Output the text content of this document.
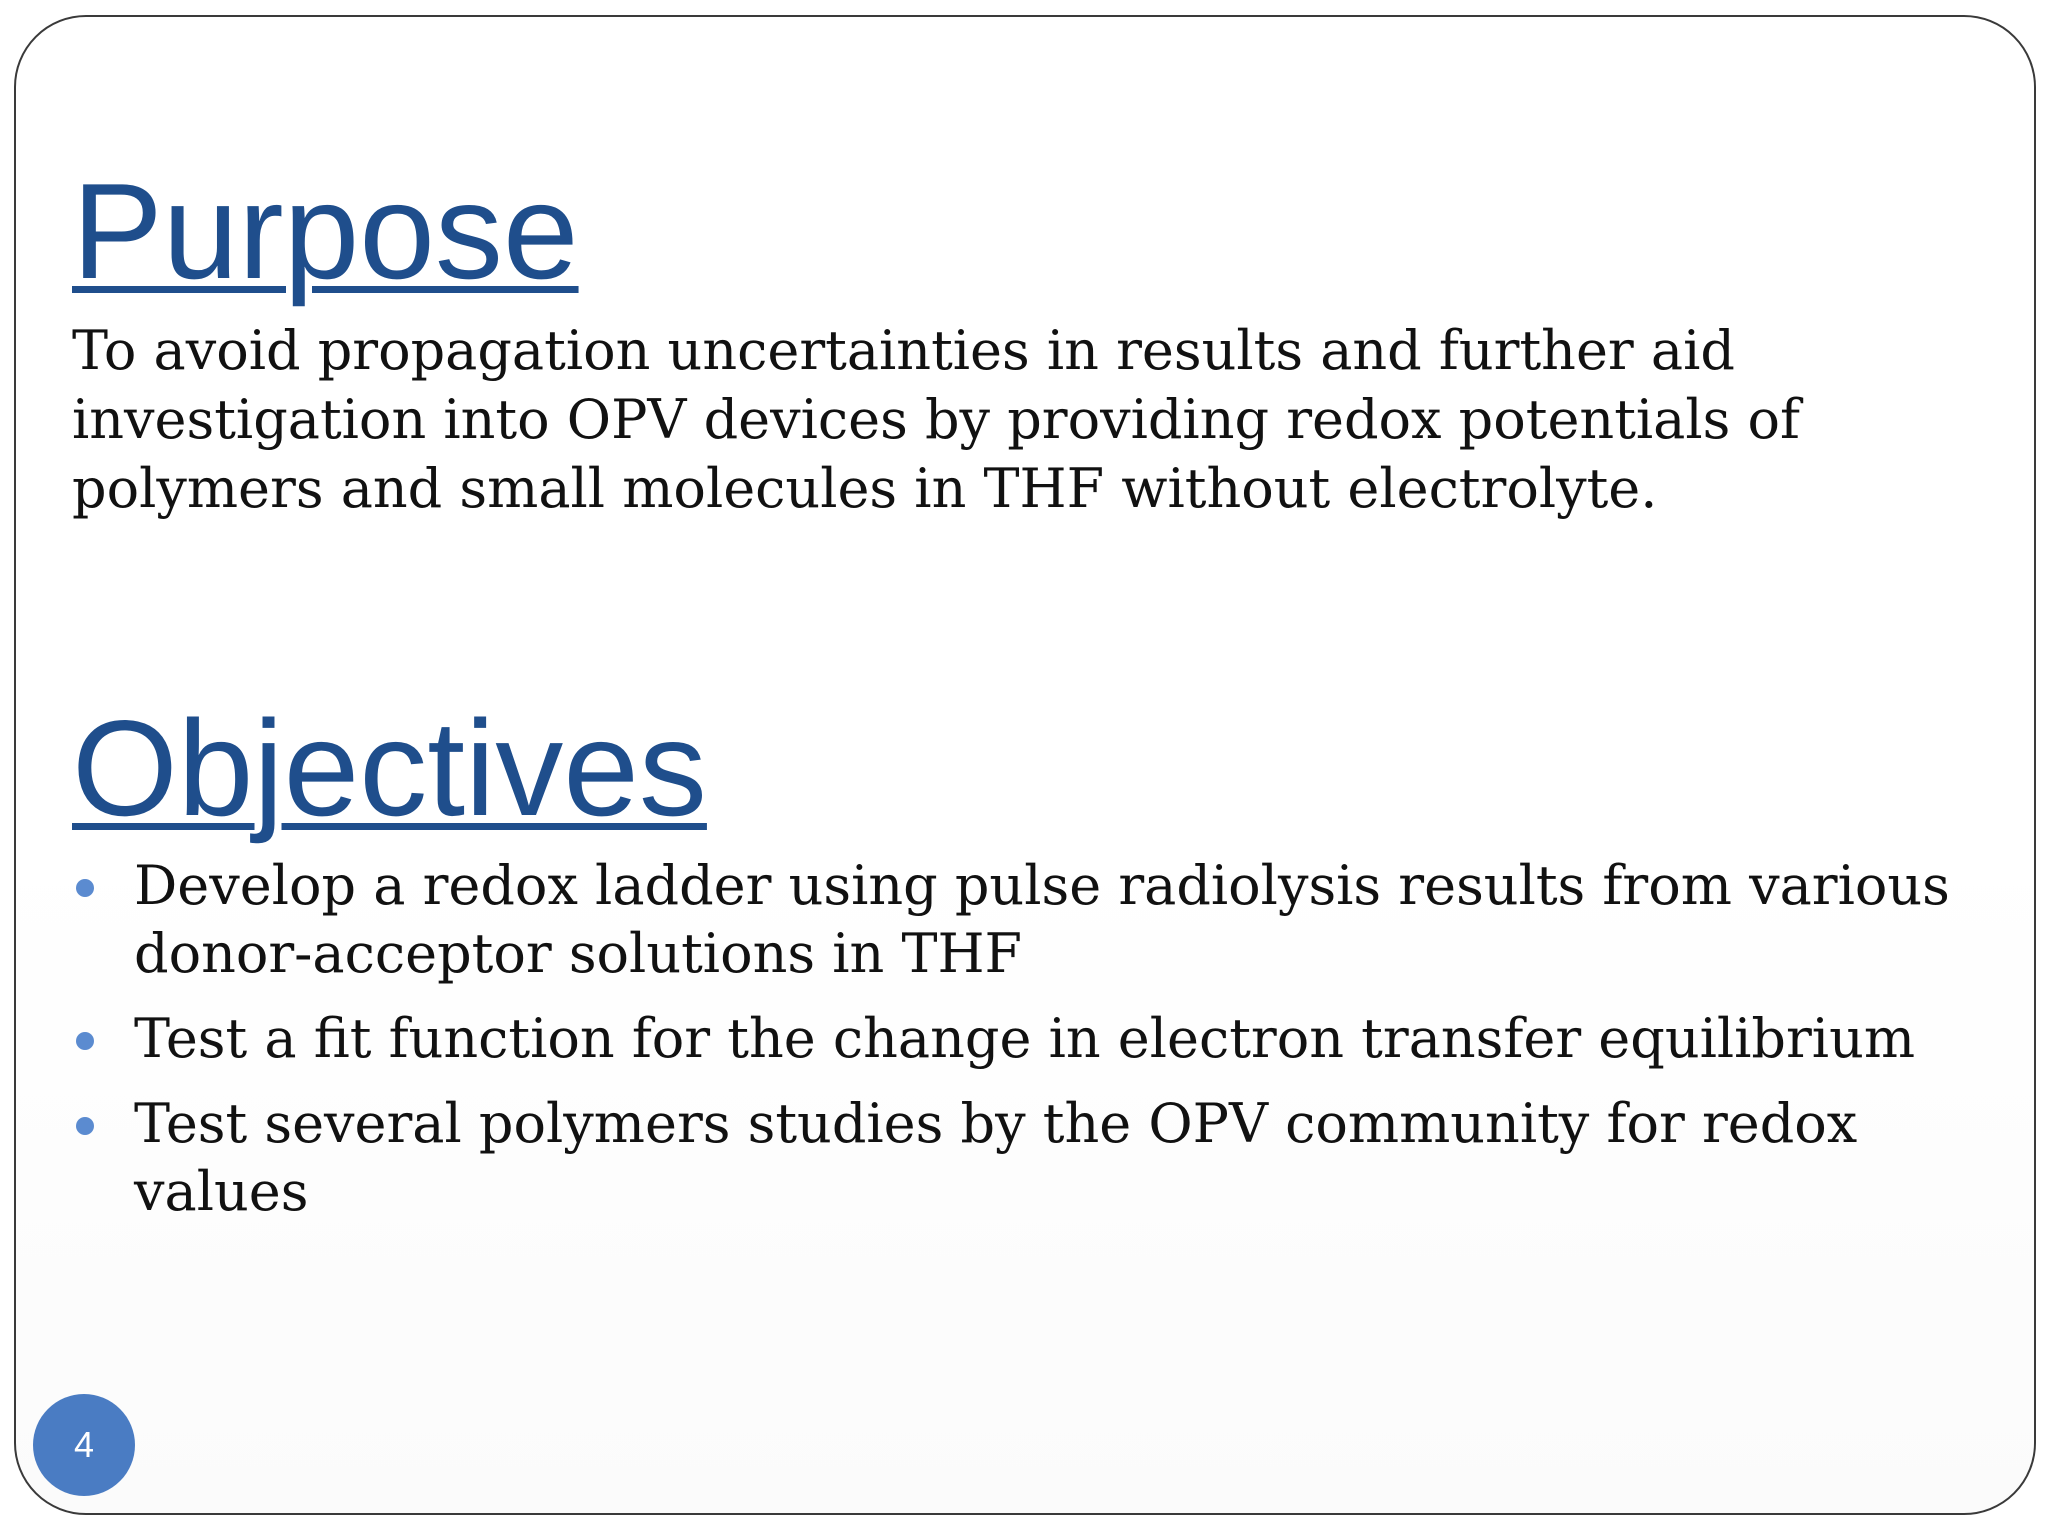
Purpose

To avoid propagation uncertainties in results and further aid investigation into OPV devices by providing redox potentials of polymers and small molecules in THF without electrolyte.

Objectives
Develop a redox ladder using pulse radiolysis results from various donor-acceptor solutions in THF
Test a fit function for the change in electron transfer equilibrium
Test several polymers studies by the OPV community for redox values
4
